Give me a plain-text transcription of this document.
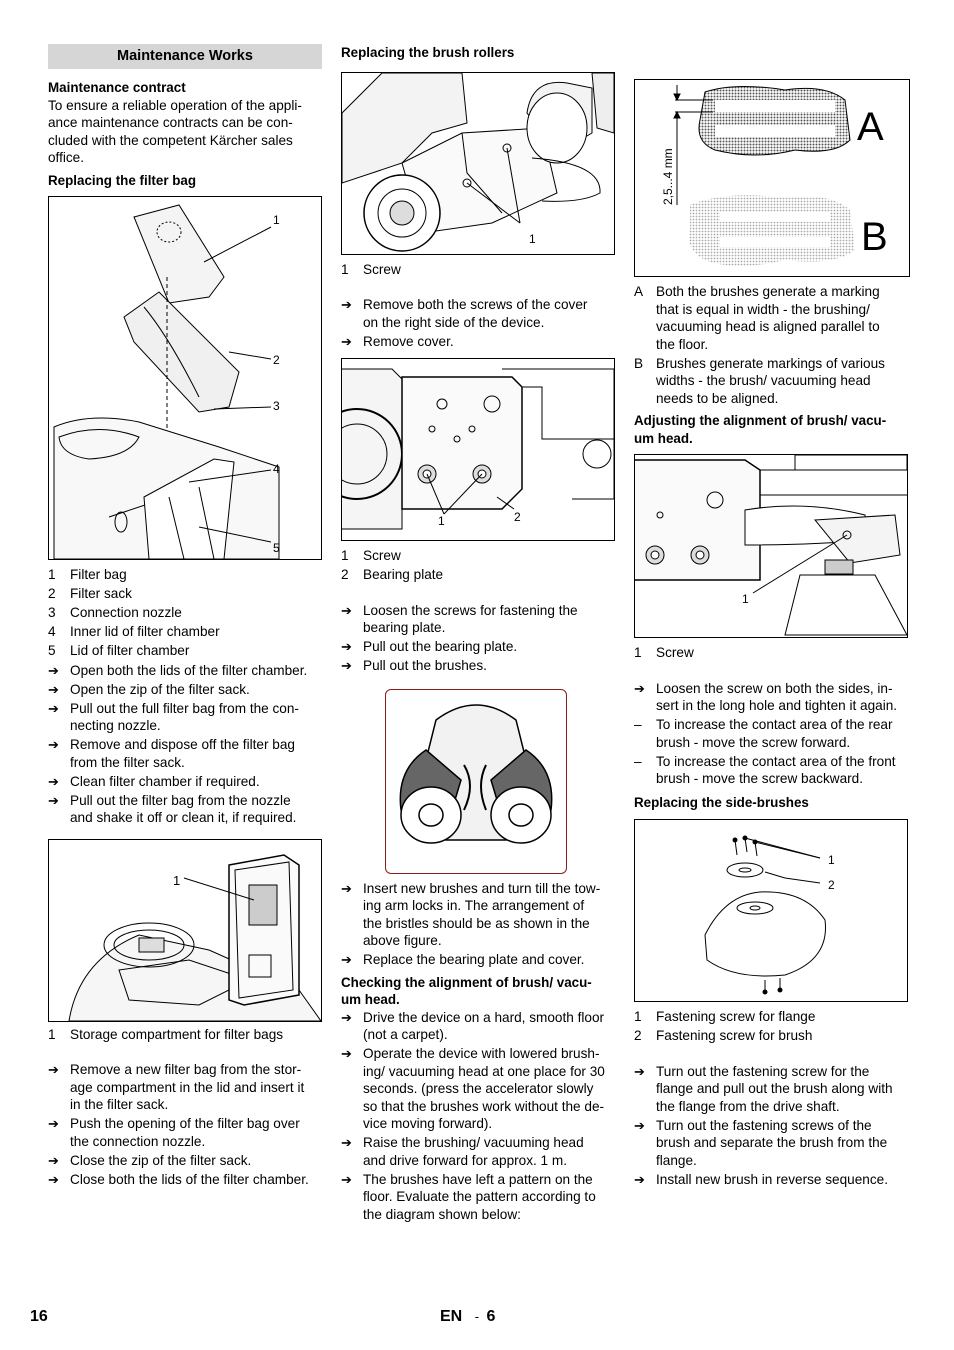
Maintenance Works
Maintenance contract
To ensure a reliable operation of the appli-
ance maintenance contracts can be con-
cluded with the competent Kärcher sales
office.
Replacing the filter bag
1
2
3
4
5
1 Filter bag
2 Filter sack
3 Connection nozzle
4 Inner lid of filter chamber
5 Lid of filter chamber
➔ Open both the lids of the filter chamber.
➔ Open the zip of the filter sack.
➔ Pull out the full filter bag from the con-
necting nozzle.
➔ Remove and dispose off the filter bag
from the filter sack.
➔ Clean filter chamber if required.
➔ Pull out the filter bag from the nozzle
and shake it off or clean it, if required.
1
1 Storage compartment for filter bags
➔ Remove a new filter bag from the stor-
age compartment in the lid and insert it
in the filter sack.
➔ Push the opening of the filter bag over
the connection nozzle.
➔ Close the zip of the filter sack.
➔ Close both the lids of the filter chamber.
Replacing the brush rollers
1
1 Screw
➔ Remove both the screws of the cover
on the right side of the device.
➔ Remove cover.
1	2
1 Screw
2 Bearing plate
➔ Loosen the screws for fastening the
bearing plate.
➔ Pull out the bearing plate.
➔ Pull out the brushes.
➔ Insert new brushes and turn till the tow-
ing arm locks in. The arrangement of
the bristles should be as shown in the
above figure.
➔ Replace the bearing plate and cover.
Checking the alignment of brush/ vacu-
um head.
➔ Drive the device on a hard, smooth floor
(not a carpet).
➔ Operate the device with lowered brush-
ing/ vacuuming head at one place for 30
seconds. (press the accelerator slowly
so that the brushes work without the de-
vice moving forward).
➔ Raise the brushing/ vacuuming head
and drive forward for approx. 1 m.
➔ The brushes have left a pattern on the
floor. Evaluate the pattern according to
the diagram shown below:
A
B
2,5...4 mm
A Both the brushes generate a marking
that is equal in width - the brushing/
vacuuming head is aligned parallel to
the floor.
B Brushes generate markings of various
widths - the brush/ vacuuming head
needs to be aligned.
Adjusting the alignment of brush/ vacu-
um head.
1
1 Screw
➔ Loosen the screw on both the sides, in-
sert in the long hole and tighten it again.
– To increase the contact area of the rear
brush - move the screw forward.
– To increase the contact area of the front
brush - move the screw backward.
Replacing the side-brushes
1
2
1 Fastening screw for flange
2 Fastening screw for brush
➔ Turn out the fastening screw for the
flange and pull out the brush along with
the flange from the drive shaft.
➔ Turn out the fastening screws of the
brush and separate the brush from the
flange.
➔ Install new brush in reverse sequence.
16	EN - 6
